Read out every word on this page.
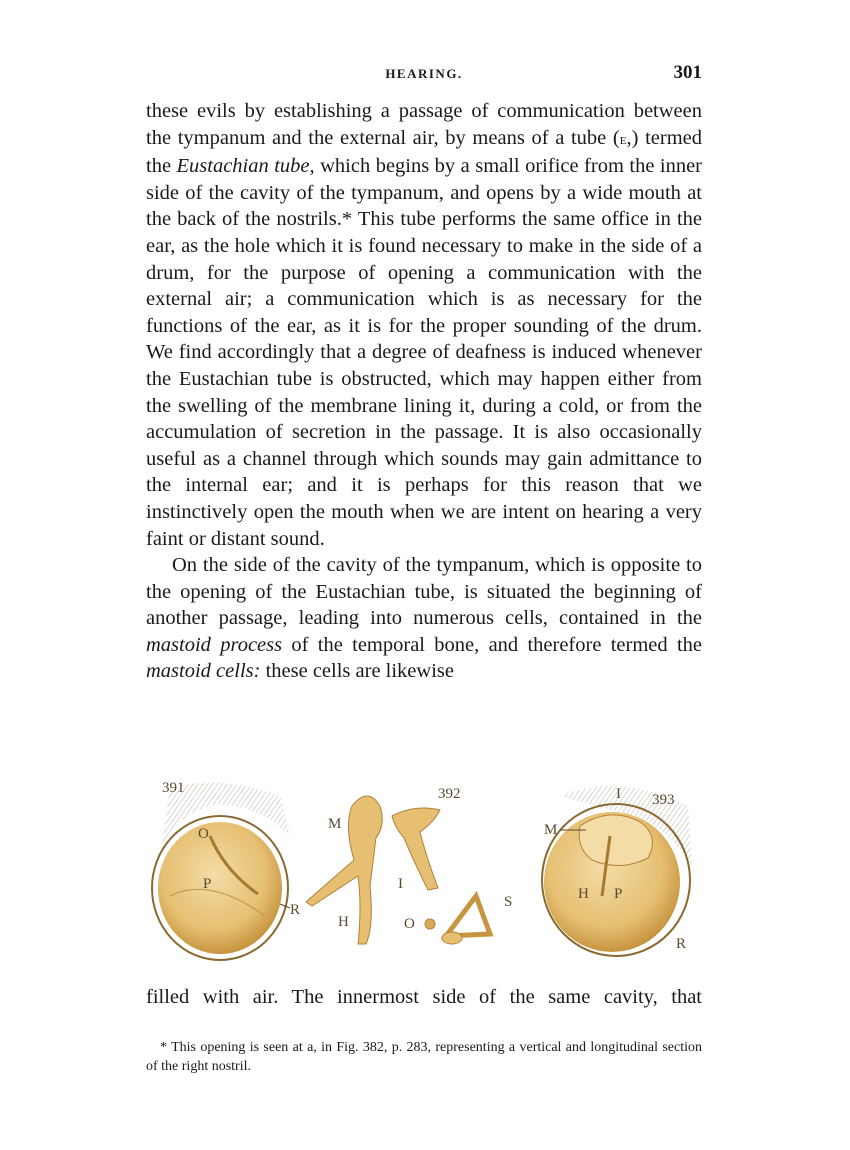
HEARING.	301

these evils by establishing a passage of communication between the tympanum and the external air, by means of a tube (e,) termed the Eustachian tube, which begins by a small orifice from the inner side of the cavity of the tympanum, and opens by a wide mouth at the back of the nostrils.* This tube performs the same office in the ear, as the hole which it is found necessary to make in the side of a drum, for the purpose of opening a communication with the external air; a communication which is as necessary for the functions of the ear, as it is for the proper sounding of the drum. We find accordingly that a degree of deafness is induced whenever the Eustachian tube is obstructed, which may happen either from the swelling of the membrane lining it, during a cold, or from the accumulation of secretion in the passage. It is also occasionally useful as a channel through which sounds may gain admittance to the internal ear; and it is perhaps for this reason that we instinctively open the mouth when we are intent on hearing a very faint or distant sound.

On the side of the cavity of the tympanum, which is opposite to the opening of the Eustachian tube, is situated the beginning of another passage, leading into numerous cells, contained in the mastoid process of the temporal bone, and therefore termed the mastoid cells: these cells are likewise

391
O
P
R
392
M
H
I
O
S
393
I
M
H P
R
filled with air. The innermost side of the same cavity, that
* This opening is seen at a, in Fig. 382, p. 283, representing a vertical and longitudinal section of the right nostril.
